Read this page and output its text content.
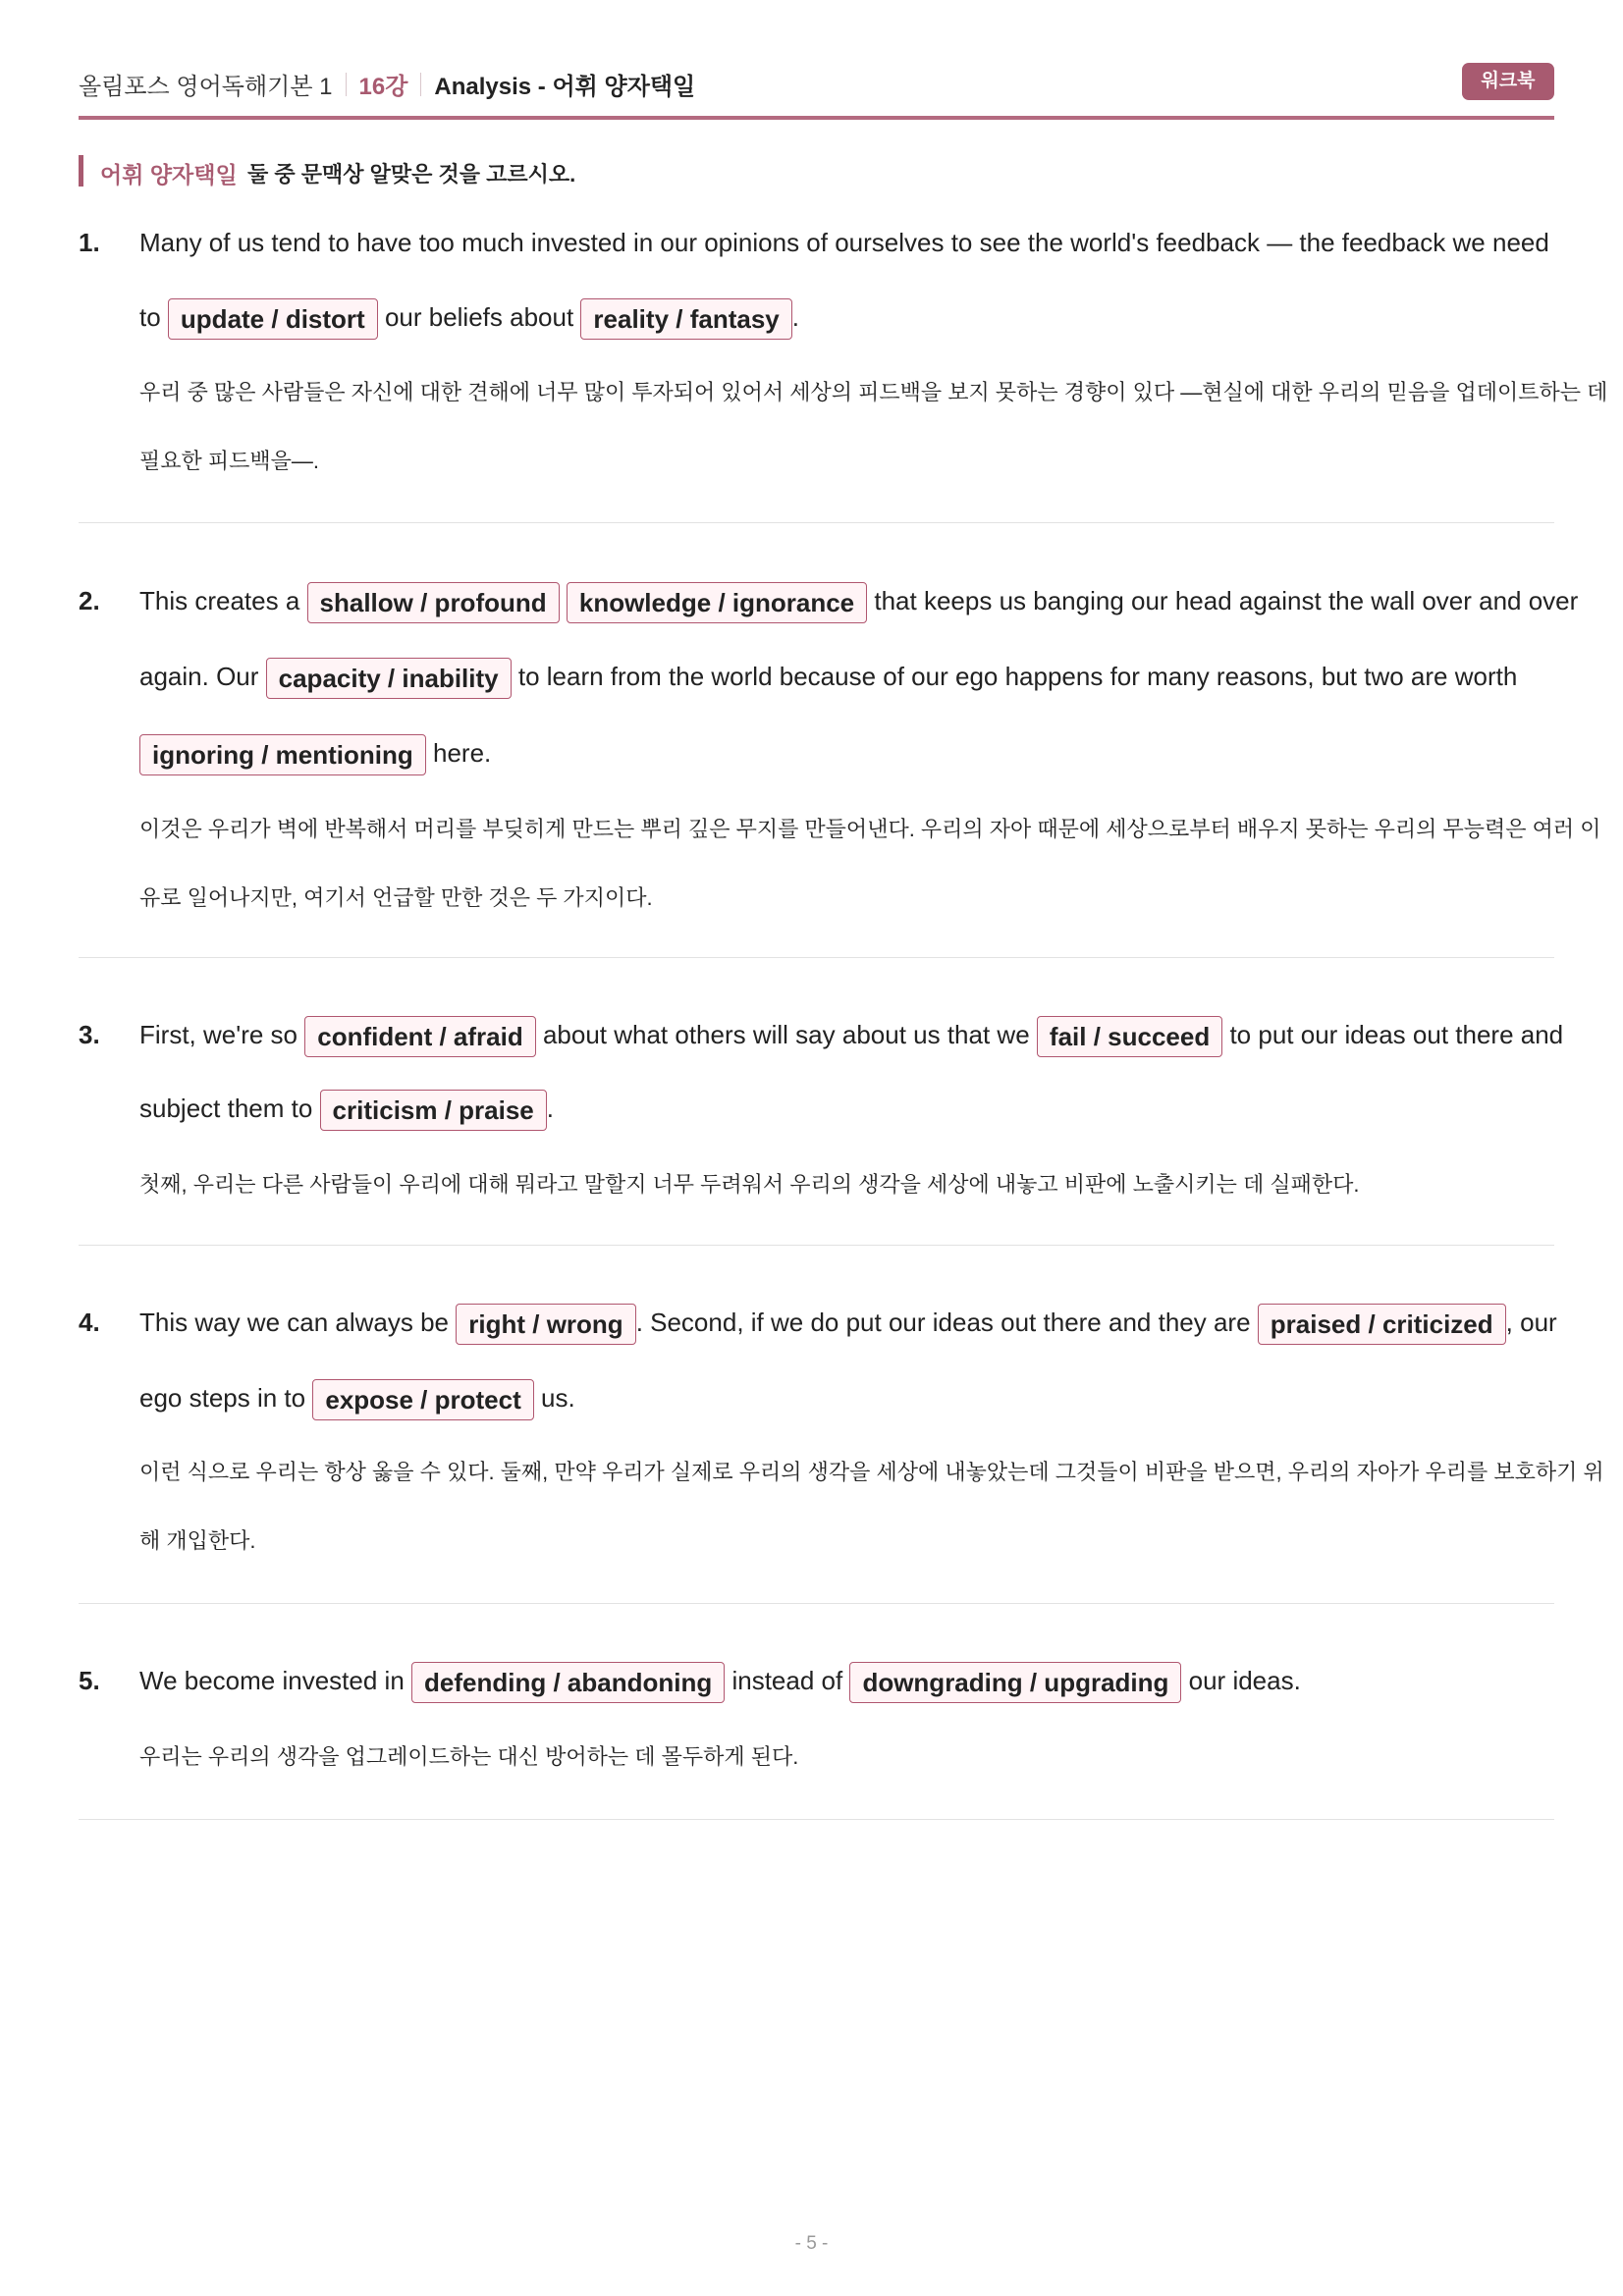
올림포스 영어독해기본 1 16강 Analysis - 어휘 양자택일	워크북
어휘 양자택일 둘 중 문맥상 알맞은 것을 고르시오.
1. Many of us tend to have too much invested in our opinions of ourselves to see the world's feedback — the feedback we need
to update / distort our beliefs about reality / fantasy .
우리 중 많은 사람들은 자신에 대한 견해에 너무 많이 투자되어 있어서 세상의 피드백을 보지 못하는 경향이 있다 —현실에 대한 우리의 믿음을 업데이트하는 데
필요한 피드백을—.
2. This creates a shallow / profound knowledge / ignorance that keeps us banging our head against the wall over and over
again. Our capacity / inability to learn from the world because of our ego happens for many reasons, but two are worth
ignoring / mentioning here.
이것은 우리가 벽에 반복해서 머리를 부딪히게 만드는 뿌리 깊은 무지를 만들어낸다. 우리의 자아 때문에 세상으로부터 배우지 못하는 우리의 무능력은 여러 이
유로 일어나지만, 여기서 언급할 만한 것은 두 가지이다.
3. First, we're so confident / afraid about what others will say about us that we fail / succeed to put our ideas out there and
subject them to criticism / praise .
첫째, 우리는 다른 사람들이 우리에 대해 뭐라고 말할지 너무 두려워서 우리의 생각을 세상에 내놓고 비판에 노출시키는 데 실패한다.
4. This way we can always be right / wrong . Second, if we do put our ideas out there and they are praised / criticized , our
ego steps in to expose / protect us.
이런 식으로 우리는 항상 옳을 수 있다. 둘째, 만약 우리가 실제로 우리의 생각을 세상에 내놓았는데 그것들이 비판을 받으면, 우리의 자아가 우리를 보호하기 위
해 개입한다.
5. We become invested in defending / abandoning instead of downgrading / upgrading our ideas.
우리는 우리의 생각을 업그레이드하는 대신 방어하는 데 몰두하게 된다.
- 5 -
